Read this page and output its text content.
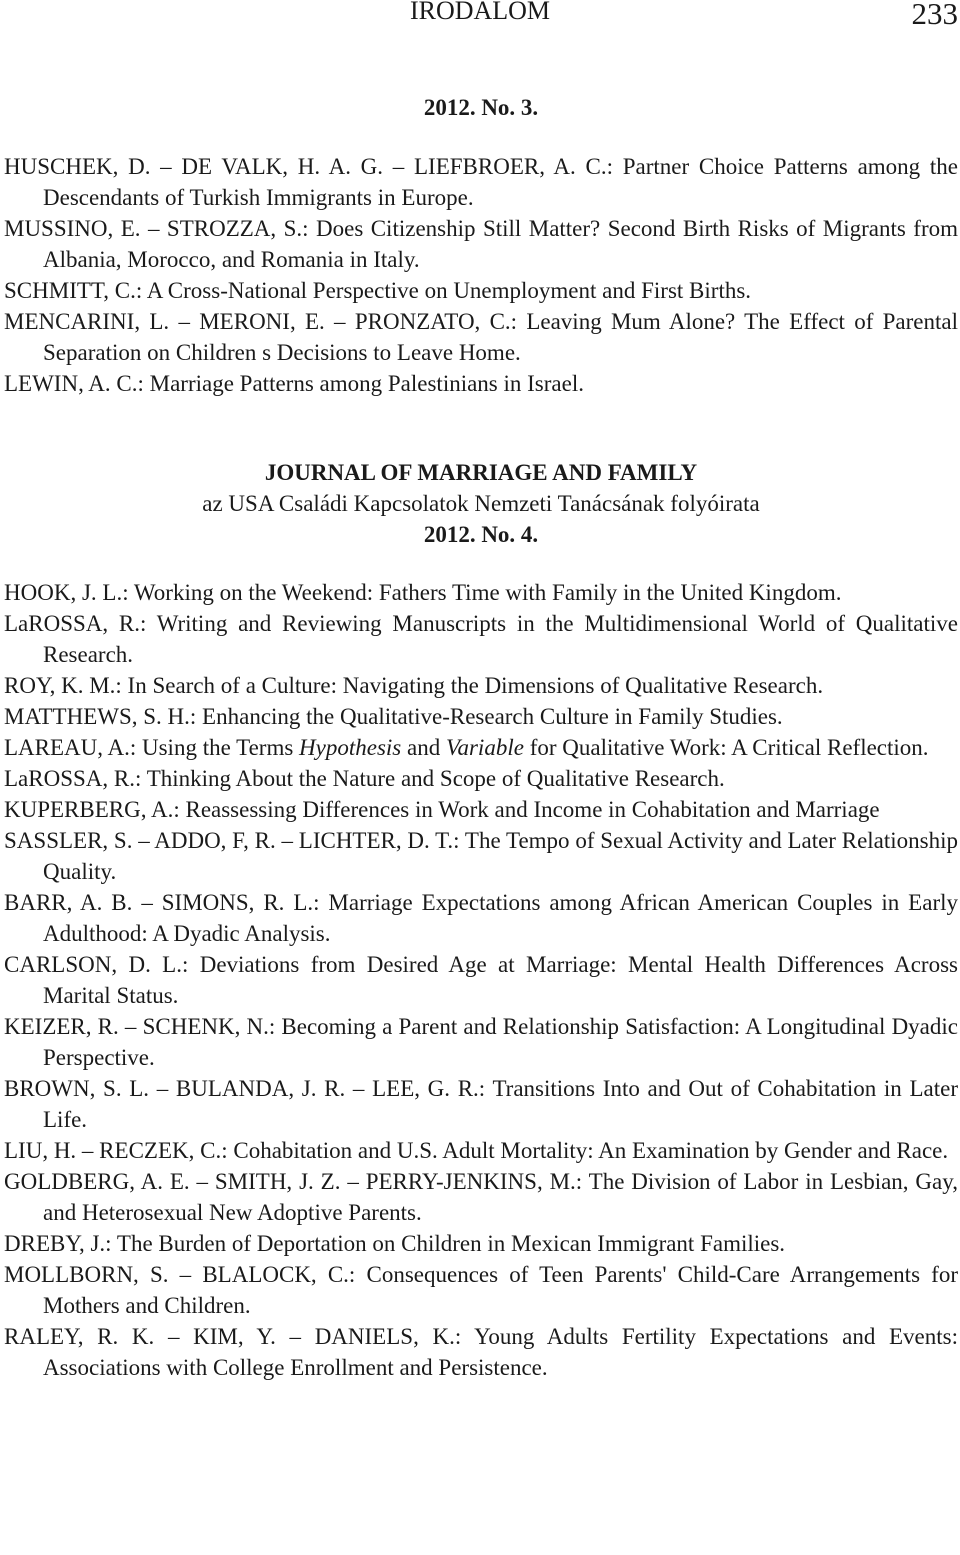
IRODALOM	233

2012. No. 3.

HUSCHEK, D. – DE VALK, H. A. G. – LIEFBROER, A. C.: Partner Choice Patterns among the Descendants of Turkish Immigrants in Europe.

MUSSINO, E. – STROZZA, S.: Does Citizenship Still Matter? Second Birth Risks of Migrants from Albania, Morocco, and Romania in Italy.

SCHMITT, C.: A Cross-National Perspective on Unemployment and First Births.

MENCARINI, L. – MERONI, E. – PRONZATO, C.: Leaving Mum Alone? The Effect of Parental Separation on Children s Decisions to Leave Home.

LEWIN, A. C.: Marriage Patterns among Palestinians in Israel.

JOURNAL OF MARRIAGE AND FAMILY

az USA Családi Kapcsolatok Nemzeti Tanácsának folyóirata

2012. No. 4.

HOOK, J. L.: Working on the Weekend: Fathers Time with Family in the United Kingdom.

LaROSSA, R.: Writing and Reviewing Manuscripts in the Multidimensional World of Qualitative Research.

ROY, K. M.: In Search of a Culture: Navigating the Dimensions of Qualitative Research.

MATTHEWS, S. H.: Enhancing the Qualitative-Research Culture in Family Studies.

LAREAU, A.: Using the Terms Hypothesis and Variable for Qualitative Work: A Critical Reflection.

LaROSSA, R.: Thinking About the Nature and Scope of Qualitative Research.

KUPERBERG, A.: Reassessing Differences in Work and Income in Cohabitation and Marriage

SASSLER, S. – ADDO, F, R. – LICHTER, D. T.: The Tempo of Sexual Activity and Later Relationship Quality.

BARR, A. B. – SIMONS, R. L.: Marriage Expectations among African American Couples in Early Adulthood: A Dyadic Analysis.

CARLSON, D. L.: Deviations from Desired Age at Marriage: Mental Health Differences Across Marital Status.

KEIZER, R. – SCHENK, N.: Becoming a Parent and Relationship Satisfaction: A Longitudinal Dyadic Perspective.

BROWN, S. L. – BULANDA, J. R. – LEE, G. R.: Transitions Into and Out of Cohabitation in Later Life.

LIU, H. – RECZEK, C.: Cohabitation and U.S. Adult Mortality: An Examination by Gender and Race.

GOLDBERG, A. E. – SMITH, J. Z. – PERRY-JENKINS, M.: The Division of Labor in Lesbian, Gay, and Heterosexual New Adoptive Parents.

DREBY, J.: The Burden of Deportation on Children in Mexican Immigrant Families.

MOLLBORN, S. – BLALOCK, C.: Consequences of Teen Parents' Child-Care Arrangements for Mothers and Children.

RALEY, R. K. – KIM, Y. – DANIELS, K.: Young Adults Fertility Expectations and Events: Associations with College Enrollment and Persistence.
